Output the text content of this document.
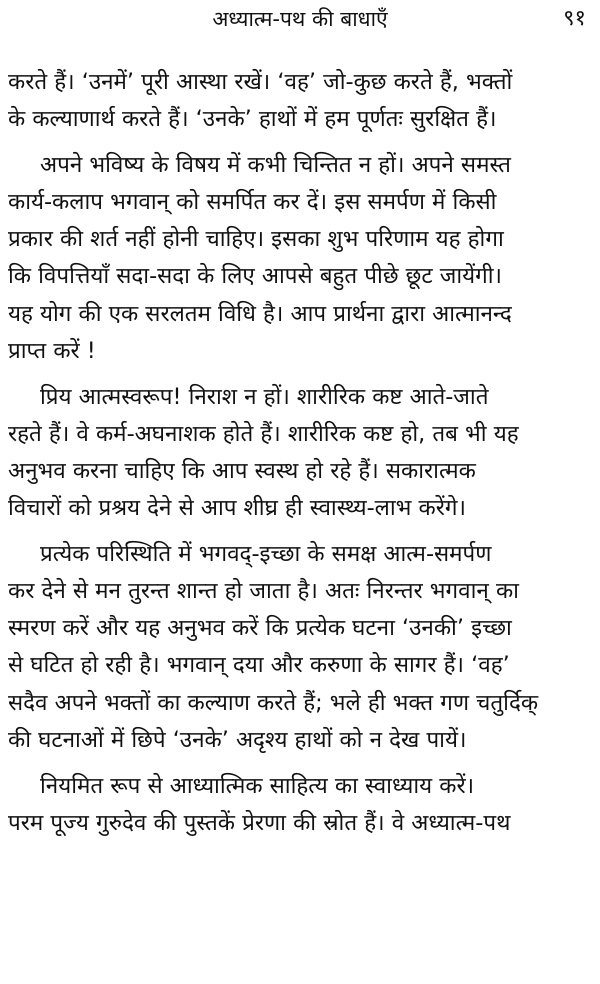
अध्यात्म-पथ की बाधाएँ	९१
करते हैं। ‘उनमें’ पूरी आस्था रखें। ‘वह’ जो-कुछ करते हैं, भक्तों
के कल्याणार्थ करते हैं। ‘उनके’ हाथों में हम पूर्णतः सुरक्षित हैं।
अपने भविष्य के विषय में कभी चिन्तित न हों। अपने समस्त
कार्य-कलाप भगवान् को समर्पित कर दें। इस समर्पण में किसी
प्रकार की शर्त नहीं होनी चाहिए। इसका शुभ परिणाम यह होगा
कि विपत्तियाँ सदा-सदा के लिए आपसे बहुत पीछे छूट जायेंगी।
यह योग की एक सरलतम विधि है। आप प्रार्थना द्वारा आत्मानन्द
प्राप्त करें !
प्रिय आत्मस्वरूप! निराश न हों। शारीरिक कष्ट आते-जाते
रहते हैं। वे कर्म-अघनाशक होते हैं। शारीरिक कष्ट हो, तब भी यह
अनुभव करना चाहिए कि आप स्वस्थ हो रहे हैं। सकारात्मक
विचारों को प्रश्रय देने से आप शीघ्र ही स्वास्थ्य-लाभ करेंगे।
प्रत्येक परिस्थिति में भगवद्-इच्छा के समक्ष आत्म-समर्पण
कर देने से मन तुरन्त शान्त हो जाता है। अतः निरन्तर भगवान् का
स्मरण करें और यह अनुभव करें कि प्रत्येक घटना ‘उनकी’ इच्छा
से घटित हो रही है। भगवान् दया और करुणा के सागर हैं। ‘वह’
सदैव अपने भक्तों का कल्याण करते हैं; भले ही भक्त गण चतुर्दिक्
की घटनाओं में छिपे ‘उनके’ अदृश्य हाथों को न देख पायें।
नियमित रूप से आध्यात्मिक साहित्य का स्वाध्याय करें।
परम पूज्य गुरुदेव की पुस्तकें प्रेरणा की स्रोत हैं। वे अध्यात्म-पथ
